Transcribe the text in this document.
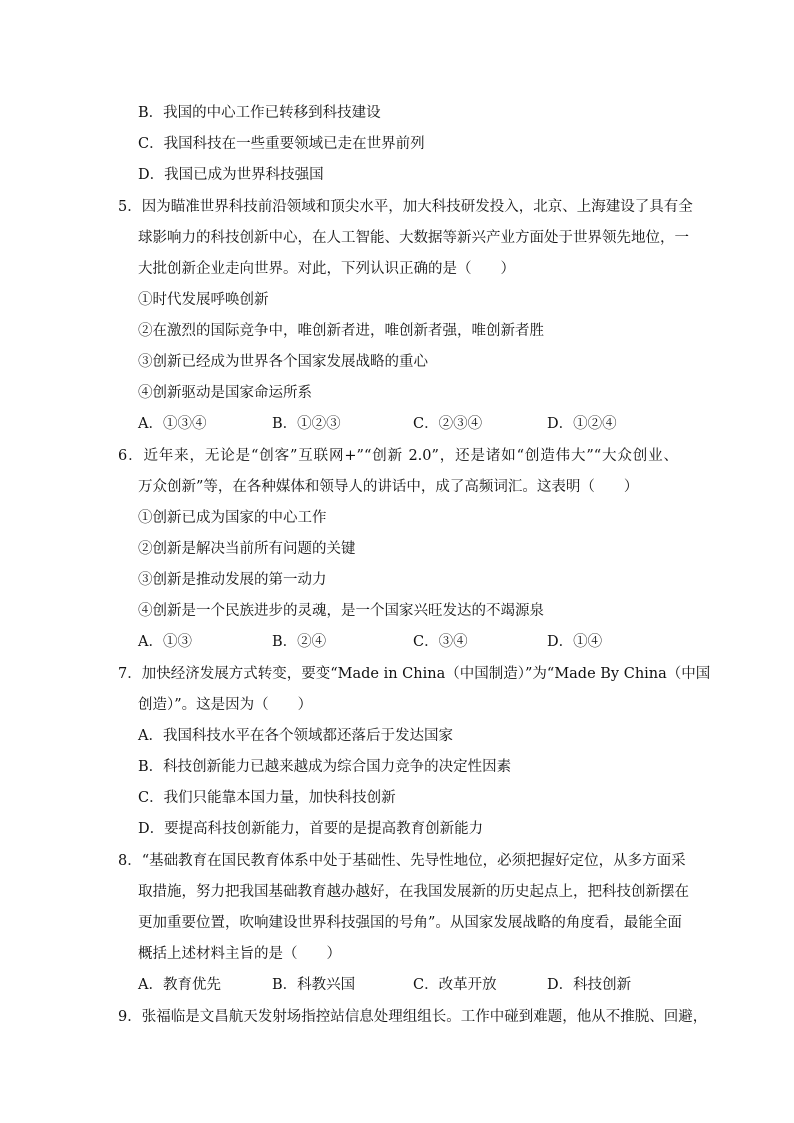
B．我国的中心工作已转移到科技建设
C．我国科技在一些重要领域已走在世界前列
D．我国已成为世界科技强国
5．因为瞄准世界科技前沿领域和顶尖水平，加大科技研发投入，北京、上海建设了具有全
球影响力的科技创新中心，在人工智能、大数据等新兴产业方面处于世界领先地位，一
大批创新企业走向世界。对此，下列认识正确的是（　　）
①时代发展呼唤创新
②在激烈的国际竞争中，唯创新者进，唯创新者强，唯创新者胜
③创新已经成为世界各个国家发展战略的重心
④创新驱动是国家命运所系
A．①③④	B．①②③	C．②③④	D．①②④
6．近年来，无论是“创客”互联网+”“创新 2.0”，还是诸如“创造伟大”“大众创业、
万众创新”等，在各种媒体和领导人的讲话中，成了高频词汇。这表明（　　）
①创新已成为国家的中心工作
②创新是解决当前所有问题的关键
③创新是推动发展的第一动力
④创新是一个民族进步的灵魂，是一个国家兴旺发达的不竭源泉
A．①③	B．②④	C．③④	D．①④
7．加快经济发展方式转变，要变“Made in China（中国制造）”为“Made By China（中国
创造）”。这是因为（　　）
A．我国科技水平在各个领域都还落后于发达国家
B．科技创新能力已越来越成为综合国力竞争的决定性因素
C．我们只能靠本国力量，加快科技创新
D．要提高科技创新能力，首要的是提高教育创新能力
8．“基础教育在国民教育体系中处于基础性、先导性地位，必须把握好定位，从多方面采
取措施，努力把我国基础教育越办越好，在我国发展新的历史起点上，把科技创新摆在
更加重要位置，吹响建设世界科技强国的号角”。从国家发展战略的角度看，最能全面
概括上述材料主旨的是（　　）
A．教育优先	B．科教兴国	C．改革开放	D．科技创新
9．张福临是文昌航天发射场指控站信息处理组组长。工作中碰到难题，他从不推脱、回避，
